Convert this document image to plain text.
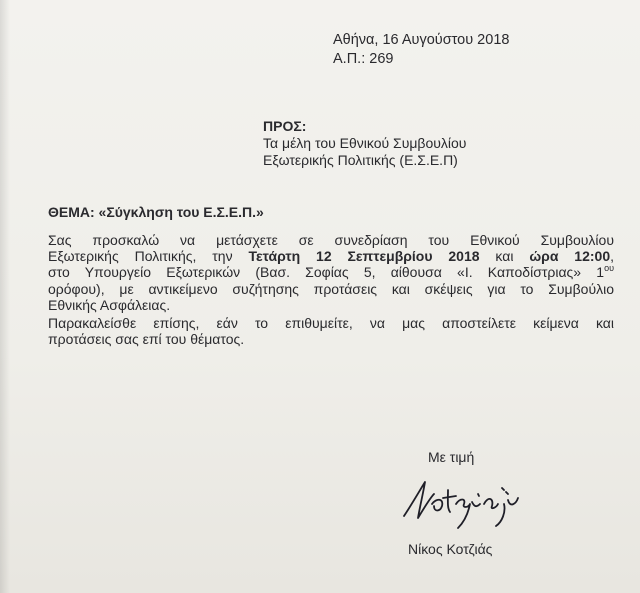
Αθήνα, 16 Αυγούστου 2018
Α.Π.: 269
ΠΡΟΣ:
Τα μέλη του Εθνικού Συμβουλίου
Εξωτερικής Πολιτικής (Ε.Σ.Ε.Π)
ΘΕΜΑ: «Σύγκληση του Ε.Σ.Ε.Π.»
Σας προσκαλώ να μετάσχετε σε συνεδρίαση του Εθνικού Συμβουλίου
Εξωτερικής Πολιτικής, την Τετάρτη 12 Σεπτεμβρίου 2018 και ώρα 12:00,
στο Υπουργείο Εξωτερικών (Βασ. Σοφίας 5, αίθουσα «Ι. Καποδίστριας» $1^{o\upsilon}$
ορόφου), με αντικείμενο συζήτησης προτάσεις και σκέψεις για το Συμβούλιο
Εθνικής Ασφάλειας.
Παρακαλείσθε επίσης, εάν το επιθυμείτε, να μας αποστείλετε κείμενα και
προτάσεις σας επί του θέματος.
Με τιμή
Νίκος Κοτζιάς
